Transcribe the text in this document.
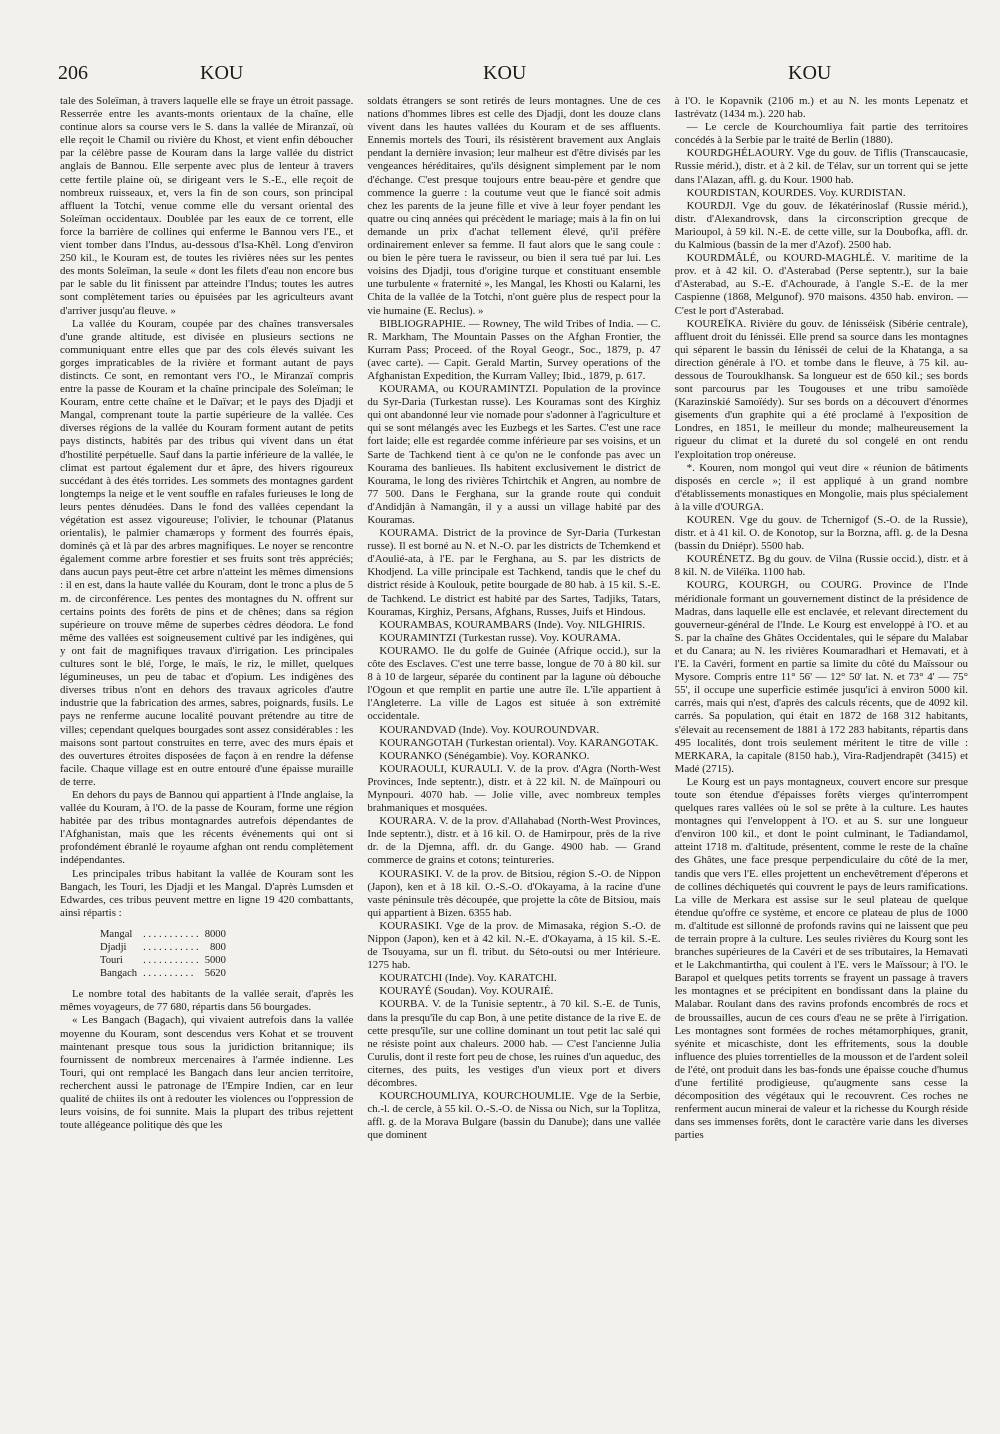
206	KOU	KOU	KOU

tale des Soleïman, à travers laquelle elle se fraye un étroit passage. Resserrée entre les avants-monts orientaux de la chaîne, elle continue alors sa course vers le S. dans la vallée de Miranzaï, où elle reçoit le Chamil ou rivière du Khost, et vient enfin déboucher par la célèbre passe de Kouram dans la large vallée du district anglais de Bannou. Elle serpente avec plus de lenteur à travers cette fertile plaine où, se dirigeant vers le S.-E., elle reçoit de nombreux ruisseaux, et, vers la fin de son cours, son principal affluent la Totchi, venue comme elle du versant oriental des Soleïman occidentaux. Doublée par les eaux de ce torrent, elle force la barrière de collines qui enferme le Bannou vers l'E., et vient tomber dans l'Indus, au-dessous d'Isa-Khêl. Long d'environ 250 kil., le Kouram est, de toutes les rivières nées sur les pentes des monts Soleïman, la seule « dont les filets d'eau non encore bus par le sable du lit finissent par atteindre l'Indus; toutes les autres sont complètement taries ou épuisées par les agriculteurs avant d'arriver jusqu'au fleuve. »

La vallée du Kouram, coupée par des chaînes transversales d'une grande altitude, est divisée en plusieurs sections ne communiquant entre elles que par des cols élevés suivant les gorges impraticables de la rivière et formant autant de pays distincts. Ce sont, en remontant vers l'O., le Miranzaï compris entre la passe de Kouram et la chaîne principale des Soleïman; le Kouram, entre cette chaîne et le Daïvar; et le pays des Djadji et Mangal, comprenant toute la partie supérieure de la vallée. Ces diverses régions de la vallée du Kouram forment autant de petits pays distincts, habités par des tribus qui vivent dans un état d'hostilité perpétuelle. Sauf dans la partie inférieure de la vallée, le climat est partout également dur et âpre, des hivers rigoureux succédant à des étés torrides. Les sommets des montagnes gardent longtemps la neige et le vent souffle en rafales furieuses le long de leurs pentes dénudées. Dans le fond des vallées cependant la végétation est assez vigoureuse; l'olivier, le tchounar (Platanus orientalis), le palmier chamærops y forment des fourrés épais, dominés çà et là par des arbres magnifiques. Le noyer se rencontre également comme arbre forestier et ses fruits sont très appréciés; dans aucun pays peut-être cet arbre n'atteint les mêmes dimensions : il en est, dans la haute vallée du Kouram, dont le tronc a plus de 5 m. de circonférence. Les pentes des montagnes du N. offrent sur certains points des forêts de pins et de chênes; dans sa région supérieure on trouve même de superbes cèdres déodora. Le fond même des vallées est soigneusement cultivé par les indigènes, qui y ont fait de magnifiques travaux d'irrigation. Les principales cultures sont le blé, l'orge, le maïs, le riz, le millet, quelques légumineuses, un peu de tabac et d'opium. Les indigènes des diverses tribus n'ont en dehors des travaux agricoles d'autre industrie que la fabrication des armes, sabres, poignards, fusils. Le pays ne renferme aucune localité pouvant prétendre au titre de villes; cependant quelques bourgades sont assez considérables : les maisons sont partout construites en terre, avec des murs épais et des ouvertures étroites disposées de façon à en rendre la défense facile. Chaque village est en outre entouré d'une épaisse muraille de terre.

En dehors du pays de Bannou qui appartient à l'Inde anglaise, la vallée du Kouram, à l'O. de la passe de Kouram, forme une région habitée par des tribus montagnardes autrefois dépendantes de l'Afghanistan, mais que les récents événements qui ont si profondément ébranlé le royaume afghan ont rendu complètement indépendantes.

Les principales tribus habitant la vallée de Kouram sont les Bangach, les Touri, les Djadji et les Mangal. D'après Lumsden et Edwardes, ces tribus peuvent mettre en ligne 19 420 combattants, ainsi répartis :

Mangal	. . . . . . . . . . .	8000
Djadji	. . . . . . . . . . .	800
Touri	. . . . . . . . . . .	5000
Bangach	. . . . . . . . . .	5620

Le nombre total des habitants de la vallée serait, d'après les mêmes voyageurs, de 77 680, répartis dans 56 bourgades.

« Les Bangach (Bagach), qui vivaient autrefois dans la vallée moyenne du Kouram, sont descendus vers Kohat et se trouvent maintenant presque tous sous la juridiction britannique; ils fournissent de nombreux mercenaires à l'armée indienne. Les Touri, qui ont remplacé les Bangach dans leur ancien territoire, recherchent aussi le patronage de l'Empire Indien, car en leur qualité de chiites ils ont à redouter les violences ou l'oppression de leurs voisins, de foi sunnite. Mais la plupart des tribus rejettent toute allégeance politique dès que les

soldats étrangers se sont retirés de leurs montagnes. Une de ces nations d'hommes libres est celle des Djadji, dont les douze clans vivent dans les hautes vallées du Kouram et de ses affluents. Ennemis mortels des Touri, ils résistèrent bravement aux Anglais pendant la dernière invasion; leur malheur est d'être divisés par les vengeances héréditaires, qu'ils désignent simplement par le nom d'échange. C'est presque toujours entre beau-père et gendre que commence la guerre : la coutume veut que le fiancé soit admis chez les parents de la jeune fille et vive à leur foyer pendant les quatre ou cinq années qui précèdent le mariage; mais à la fin on lui demande un prix d'achat tellement élevé, qu'il préfère ordinairement enlever sa femme. Il faut alors que le sang coule : ou bien le père tuera le ravisseur, ou bien il sera tué par lui. Les voisins des Djadji, tous d'origine turque et constituant ensemble une turbulente « fraternité », les Mangal, les Khosti ou Kalarni, les Chita de la vallée de la Totchi, n'ont guère plus de respect pour la vie humaine (E. Reclus). »

BIBLIOGRAPHIE. — Rowney, The wild Tribes of India. — C. R. Markham, The Mountain Passes on the Afghan Frontier, the Kurram Pass; Proceed. of the Royal Geogr., Soc., 1879, p. 47 (avec carte). — Capit. Gerald Martin, Survey operations of the Afghanistan Expedition, the Kurram Valley; Ibid., 1879, p. 617.

KOURAMA, ou KOURAMINTZI. Population de la province du Syr-Daria (Turkestan russe). Les Kouramas sont des Kirghiz qui ont abandonné leur vie nomade pour s'adonner à l'agriculture et qui se sont mélangés avec les Euzbegs et les Sartes. C'est une race fort laide; elle est regardée comme inférieure par ses voisins, et un Sarte de Tachkend tient à ce qu'on ne le confonde pas avec un Kourama des banlieues. Ils habitent exclusivement le district de Kourama, le long des rivières Tchirtchik et Angren, au nombre de 77 500. Dans le Ferghana, sur la grande route qui conduit d'Andidjân à Namangân, il y a aussi un village habité par des Kouramas.

KOURAMA. District de la province de Syr-Daria (Turkestan russe). Il est borné au N. et N.-O. par les districts de Tchemkend et d'Aoulié-ata, à l'E. par le Ferghana, au S. par les districts de Khodjend. La ville principale est Tachkend, tandis que le chef du district réside à Koulouk, petite bourgade de 80 hab. à 15 kil. S.-E. de Tachkend. Le district est habité par des Sartes, Tadjiks, Tatars, Kouramas, Kirghiz, Persans, Afghans, Russes, Juifs et Hindous.

KOURAMBAS, KOURAMBARS (Inde). Voy. NILGHIRIS.

KOURAMINTZI (Turkestan russe). Voy. KOURAMA.

KOURAMO. Ile du golfe de Guinée (Afrique occid.), sur la côte des Esclaves. C'est une terre basse, longue de 70 à 80 kil. sur 8 à 10 de largeur, séparée du continent par la lagune où débouche l'Ogoun et que remplit en partie une autre île. L'île appartient à l'Angleterre. La ville de Lagos est située à son extrémité occidentale.

KOURANDVAD (Inde). Voy. KOUROUNDVAR.

KOURANGOTAH (Turkestan oriental). Voy. KARANGOTAK.

KOURANKO (Sénégambie). Voy. KORANKO.

KOURAOULI, KURAULI. V. de la prov. d'Agra (North-West Provinces, Inde septentr.), distr. et à 22 kil. N. de Maïnpouri ou Mynpouri. 4070 hab. — Jolie ville, avec nombreux temples brahmaniques et mosquées.

KOURARA. V. de la prov. d'Allahabad (North-West Provinces, Inde septentr.), distr. et à 16 kil. O. de Hamirpour, près de la rive dr. de la Djemna, affl. dr. du Gange. 4900 hab. — Grand commerce de grains et cotons; teintureries.

KOURASIKI. V. de la prov. de Bitsiou, région S.-O. de Nippon (Japon), ken et à 18 kil. O.-S.-O. d'Okayama, à la racine d'une vaste péninsule très découpée, que projette la côte de Bitsiou, mais qui appartient à Bizen. 6355 hab.

KOURASIKI. Vge de la prov. de Mimasaka, région S.-O. de Nippon (Japon), ken et à 42 kil. N.-E. d'Okayama, à 15 kil. S.-E. de Tsouyama, sur un fl. tribut. du Séto-outsi ou mer Intérieure. 1275 hab.

KOURATCHI (Inde). Voy. KARATCHI.

KOURAYÉ (Soudan). Voy. KOURAIÉ.

KOURBA. V. de la Tunisie septentr., à 70 kil. S.-E. de Tunis, dans la presqu'île du cap Bon, à une petite distance de la rive E. de cette presqu'île, sur une colline dominant un tout petit lac salé qui ne résiste point aux chaleurs. 2000 hab. — C'est l'ancienne Julia Curulis, dont il reste fort peu de chose, les ruines d'un aqueduc, des citernes, des puits, les vestiges d'un vieux port et divers décombres.

KOURCHOUMLIYA, KOURCHOUMLIE. Vge de la Serbie, ch.-l. de cercle, à 55 kil. O.-S.-O. de Nissa ou Nich, sur la Toplitza, affl. g. de la Morava Bulgare (bassin du Danube); dans une vallée que dominent

à l'O. le Kopavnik (2106 m.) et au N. les monts Lepenatz et Iastrévatz (1434 m.). 220 hab.

— Le cercle de Kourchoumliya fait partie des territoires concédés à la Serbie par le traité de Berlin (1880).

KOURDGHÉLAOURY. Vge du gouv. de Tiflis (Transcaucasie, Russie mérid.), distr. et à 2 kil. de Télav, sur un torrent qui se jette dans l'Alazan, affl. g. du Kour. 1900 hab.

KOURDISTAN, KOURDES. Voy. KURDISTAN.

KOURDJI. Vge du gouv. de Iékatérinoslaf (Russie mérid.), distr. d'Alexandrovsk, dans la circonscription grecque de Marioupol, à 59 kil. N.-E. de cette ville, sur la Doubofka, affl. dr. du Kalmious (bassin de la mer d'Azof). 2500 hab.

KOURDMÂLÉ, ou KOURD-MAGHLÉ. V. maritime de la prov. et à 42 kil. O. d'Asterabad (Perse septentr.), sur la baie d'Asterabad, au S.-E. d'Achourade, à l'angle S.-E. de la mer Caspienne (1868, Melgunof). 970 maisons. 4350 hab. environ. — C'est le port d'Asterabad.

KOUREÏKA. Rivière du gouv. de Iénisséisk (Sibérie centrale), affluent droit du Iénisséi. Elle prend sa source dans les montagnes qui séparent le bassin du Iénisséi de celui de la Khatanga, a sa direction générale à l'O. et tombe dans le fleuve, à 75 kil. au-dessous de Tourouklhansk. Sa longueur est de 650 kil.; ses bords sont parcourus par les Tougouses et une tribu samoïède (Karazinskié Samoïédy). Sur ses bords on a découvert d'énormes gisements d'un graphite qui a été proclamé à l'exposition de Londres, en 1851, le meilleur du monde; malheureusement la rigueur du climat et la dureté du sol congelé en ont rendu l'exploitation trop onéreuse.

*. Kouren, nom mongol qui veut dire « réunion de bâtiments disposés en cercle »; il est appliqué à un grand nombre d'établissements monastiques en Mongolie, mais plus spécialement à la ville d'OURGA.

KOUREN. Vge du gouv. de Tchernigof (S.-O. de la Russie), distr. et à 41 kil. O. de Konotop, sur la Borzna, affl. g. de la Desna (bassin du Dniépr). 5500 hab.

KOURÉNETZ. Bg du gouv. de Vilna (Russie occid.), distr. et à 8 kil. N. de Viléïka. 1100 hab.

KOURG, KOURGH, ou COURG. Province de l'Inde méridionale formant un gouvernement distinct de la présidence de Madras, dans laquelle elle est enclavée, et relevant directement du gouverneur-général de l'Inde. Le Kourg est enveloppé à l'O. et au S. par la chaîne des Ghâtes Occidentales, qui le sépare du Malabar et du Canara; au N. les rivières Koumaradhari et Hemavati, et à l'E. la Cavéri, forment en partie sa limite du côté du Maïssour ou Mysore. Compris entre 11° 56' — 12° 50' lat. N. et 73° 4' — 75° 55', il occupe une superficie estimée jusqu'ici à environ 5000 kil. carrés, mais qui n'est, d'après des calculs récents, que de 4092 kil. carrés. Sa population, qui était en 1872 de 168 312 habitants, s'élevait au recensement de 1881 à 172 283 habitants, répartis dans 495 localités, dont trois seulement méritent le titre de ville : MERKARA, la capitale (8150 hab.), Vira-Radjendrapêt (3415) et Madé (2715).

Le Kourg est un pays montagneux, couvert encore sur presque toute son étendue d'épaisses forêts vierges qu'interrompent quelques rares vallées où le sol se prête à la culture. Les hautes montagnes qui l'enveloppent à l'O. et au S. sur une longueur d'environ 100 kil., et dont le point culminant, le Tadiandamol, atteint 1718 m. d'altitude, présentent, comme le reste de la chaîne des Ghâtes, une face presque perpendiculaire du côté de la mer, tandis que vers l'E. elles projettent un enchevêtrement d'éperons et de collines déchiquetés qui couvrent le pays de leurs ramifications. La ville de Merkara est assise sur le seul plateau de quelque étendue qu'offre ce système, et encore ce plateau de plus de 1000 m. d'altitude est sillonné de profonds ravins qui ne laissent que peu de terrain propre à la culture. Les seules rivières du Kourg sont les branches supérieures de la Cavéri et de ses tributaires, la Hemavati et le Lakchmantirtha, qui coulent à l'E. vers le Maïssour; à l'O. le Barapol et quelques petits torrents se frayent un passage à travers les montagnes et se précipitent en bondissant dans la plaine du Malabar. Roulant dans des ravins profonds encombrés de rocs et de broussailles, aucun de ces cours d'eau ne se prête à l'irrigation. Les montagnes sont formées de roches métamorphiques, granit, syénite et micaschiste, dont les effritements, sous la double influence des pluies torrentielles de la mousson et de l'ardent soleil de l'été, ont produit dans les bas-fonds une épaisse couche d'humus d'une fertilité prodigieuse, qu'augmente sans cesse la décomposition des végétaux qui le recouvrent. Ces roches ne renferment aucun minerai de valeur et la richesse du Kourgh réside dans ses immenses forêts, dont le caractère varie dans les diverses parties
